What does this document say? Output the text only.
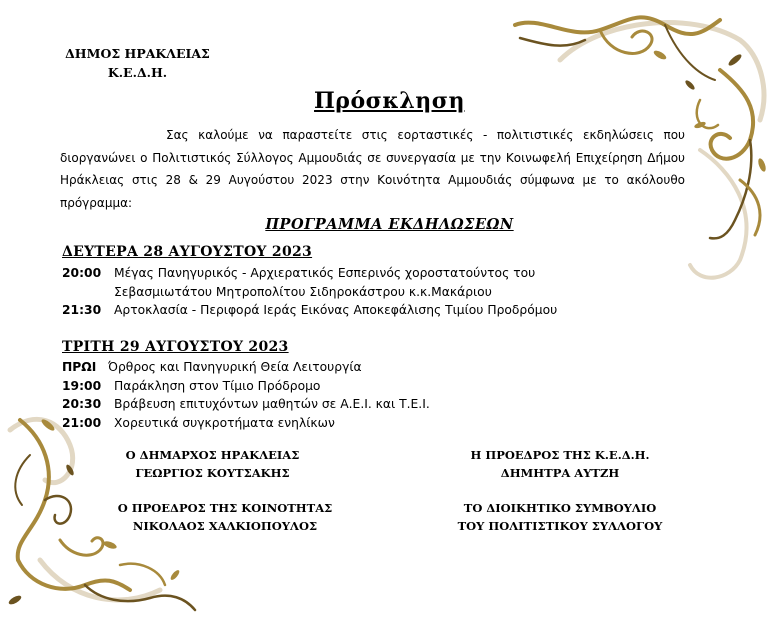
ΔΗΜΟΣ ΗΡΑΚΛΕΙΑΣ
Κ.Ε.Δ.Η.
Πρόσκληση
Σας καλούμε να παραστείτε στις εορταστικές - πολιτιστικές εκδηλώσεις που διοργανώνει ο Πολιτιστικός Σύλλογος Αμμουδιάς σε συνεργασία με την Κοινωφελή Επιχείρηση Δήμου Ηράκλειας στις 28 & 29 Αυγούστου 2023 στην Κοινότητα Αμμουδιάς σύμφωνα με το ακόλουθο πρόγραμμα:
ΠΡΟΓΡΑΜΜΑ ΕΚΔΗΛΩΣΕΩΝ
ΔΕΥΤΕΡΑ 28 ΑΥΓΟΥΣΤΟΥ 2023
20:00 Μέγας Πανηγυρικός - Αρχιερατικός Εσπερινός χοροστατούντος του
Σεβασμιωτάτου Μητροπολίτου Σιδηροκάστρου κ.κ.Μακάριου
21:30 Αρτοκλασία - Περιφορά Ιεράς Εικόνας Αποκεφάλισης Τιμίου Προδρόμου
ΤΡΙΤΗ 29 ΑΥΓΟΥΣΤΟΥ 2023
ΠΡΩΙ Όρθρος και Πανηγυρική Θεία Λειτουργία
19:00 Παράκληση στον Τίμιο Πρόδρομο
20:30 Βράβευση επιτυχόντων μαθητών σε Α.Ε.Ι. και Τ.Ε.Ι.
21:00 Χορευτικά συγκροτήματα ενηλίκων
Ο ΔΗΜΑΡΧΟΣ ΗΡΑΚΛΕΙΑΣ
ΓΕΩΡΓΙΟΣ ΚΟΥΤΣΑΚΗΣ
Η ΠΡΟΕΔΡΟΣ ΤΗΣ Κ.Ε.Δ.Η.
ΔΗΜΗΤΡΑ ΑΥΤΖΗ
Ο ΠΡΟΕΔΡΟΣ ΤΗΣ ΚΟΙΝΟΤΗΤΑΣ
ΝΙΚΟΛΑΟΣ ΧΑΛΚΙΟΠΟΥΛΟΣ
ΤΟ ΔΙΟΙΚΗΤΙΚΟ ΣΥΜΒΟΥΛΙΟ
ΤΟΥ ΠΟΛΙΤΙΣΤΙΚΟΥ ΣΥΛΛΟΓΟΥ
